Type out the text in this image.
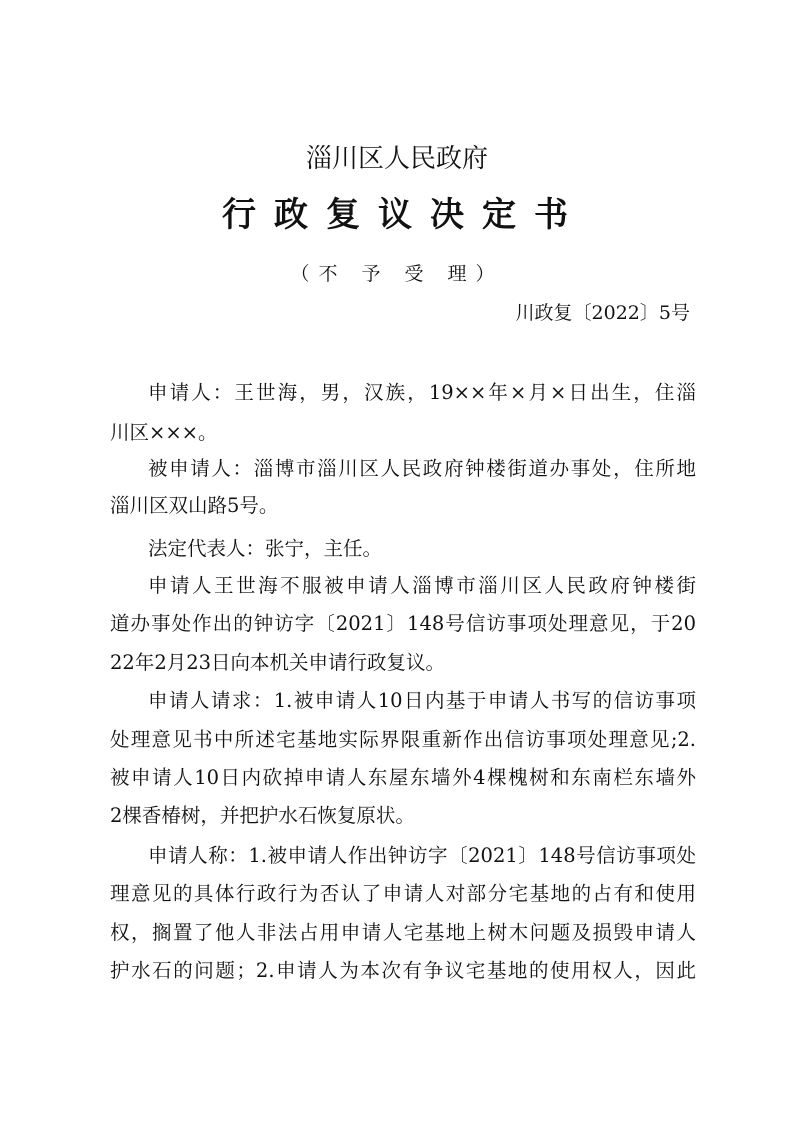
淄川区人民政府
行政复议决定书
（不 予 受 理）
川政复〔2022〕5号
申请人：王世海，男，汉族，19××年×月×日出生，住淄
川区×××。
被申请人：淄博市淄川区人民政府钟楼街道办事处，住所地
淄川区双山路5号。
法定代表人：张宁，主任。
申请人王世海不服被申请人淄博市淄川区人民政府钟楼街
道办事处作出的钟访字〔2021〕148号信访事项处理意见，于20
22年2月23日向本机关申请行政复议。
申请人请求：1.被申请人10日内基于申请人书写的信访事项
处理意见书中所述宅基地实际界限重新作出信访事项处理意见;2.
被申请人10日内砍掉申请人东屋东墙外4棵槐树和东南栏东墙外
2棵香椿树，并把护水石恢复原状。
申请人称：1.被申请人作出钟访字〔2021〕148号信访事项处
理意见的具体行政行为否认了申请人对部分宅基地的占有和使用
权，搁置了他人非法占用申请人宅基地上树木问题及损毁申请人
护水石的问题；2.申请人为本次有争议宅基地的使用权人，因此
